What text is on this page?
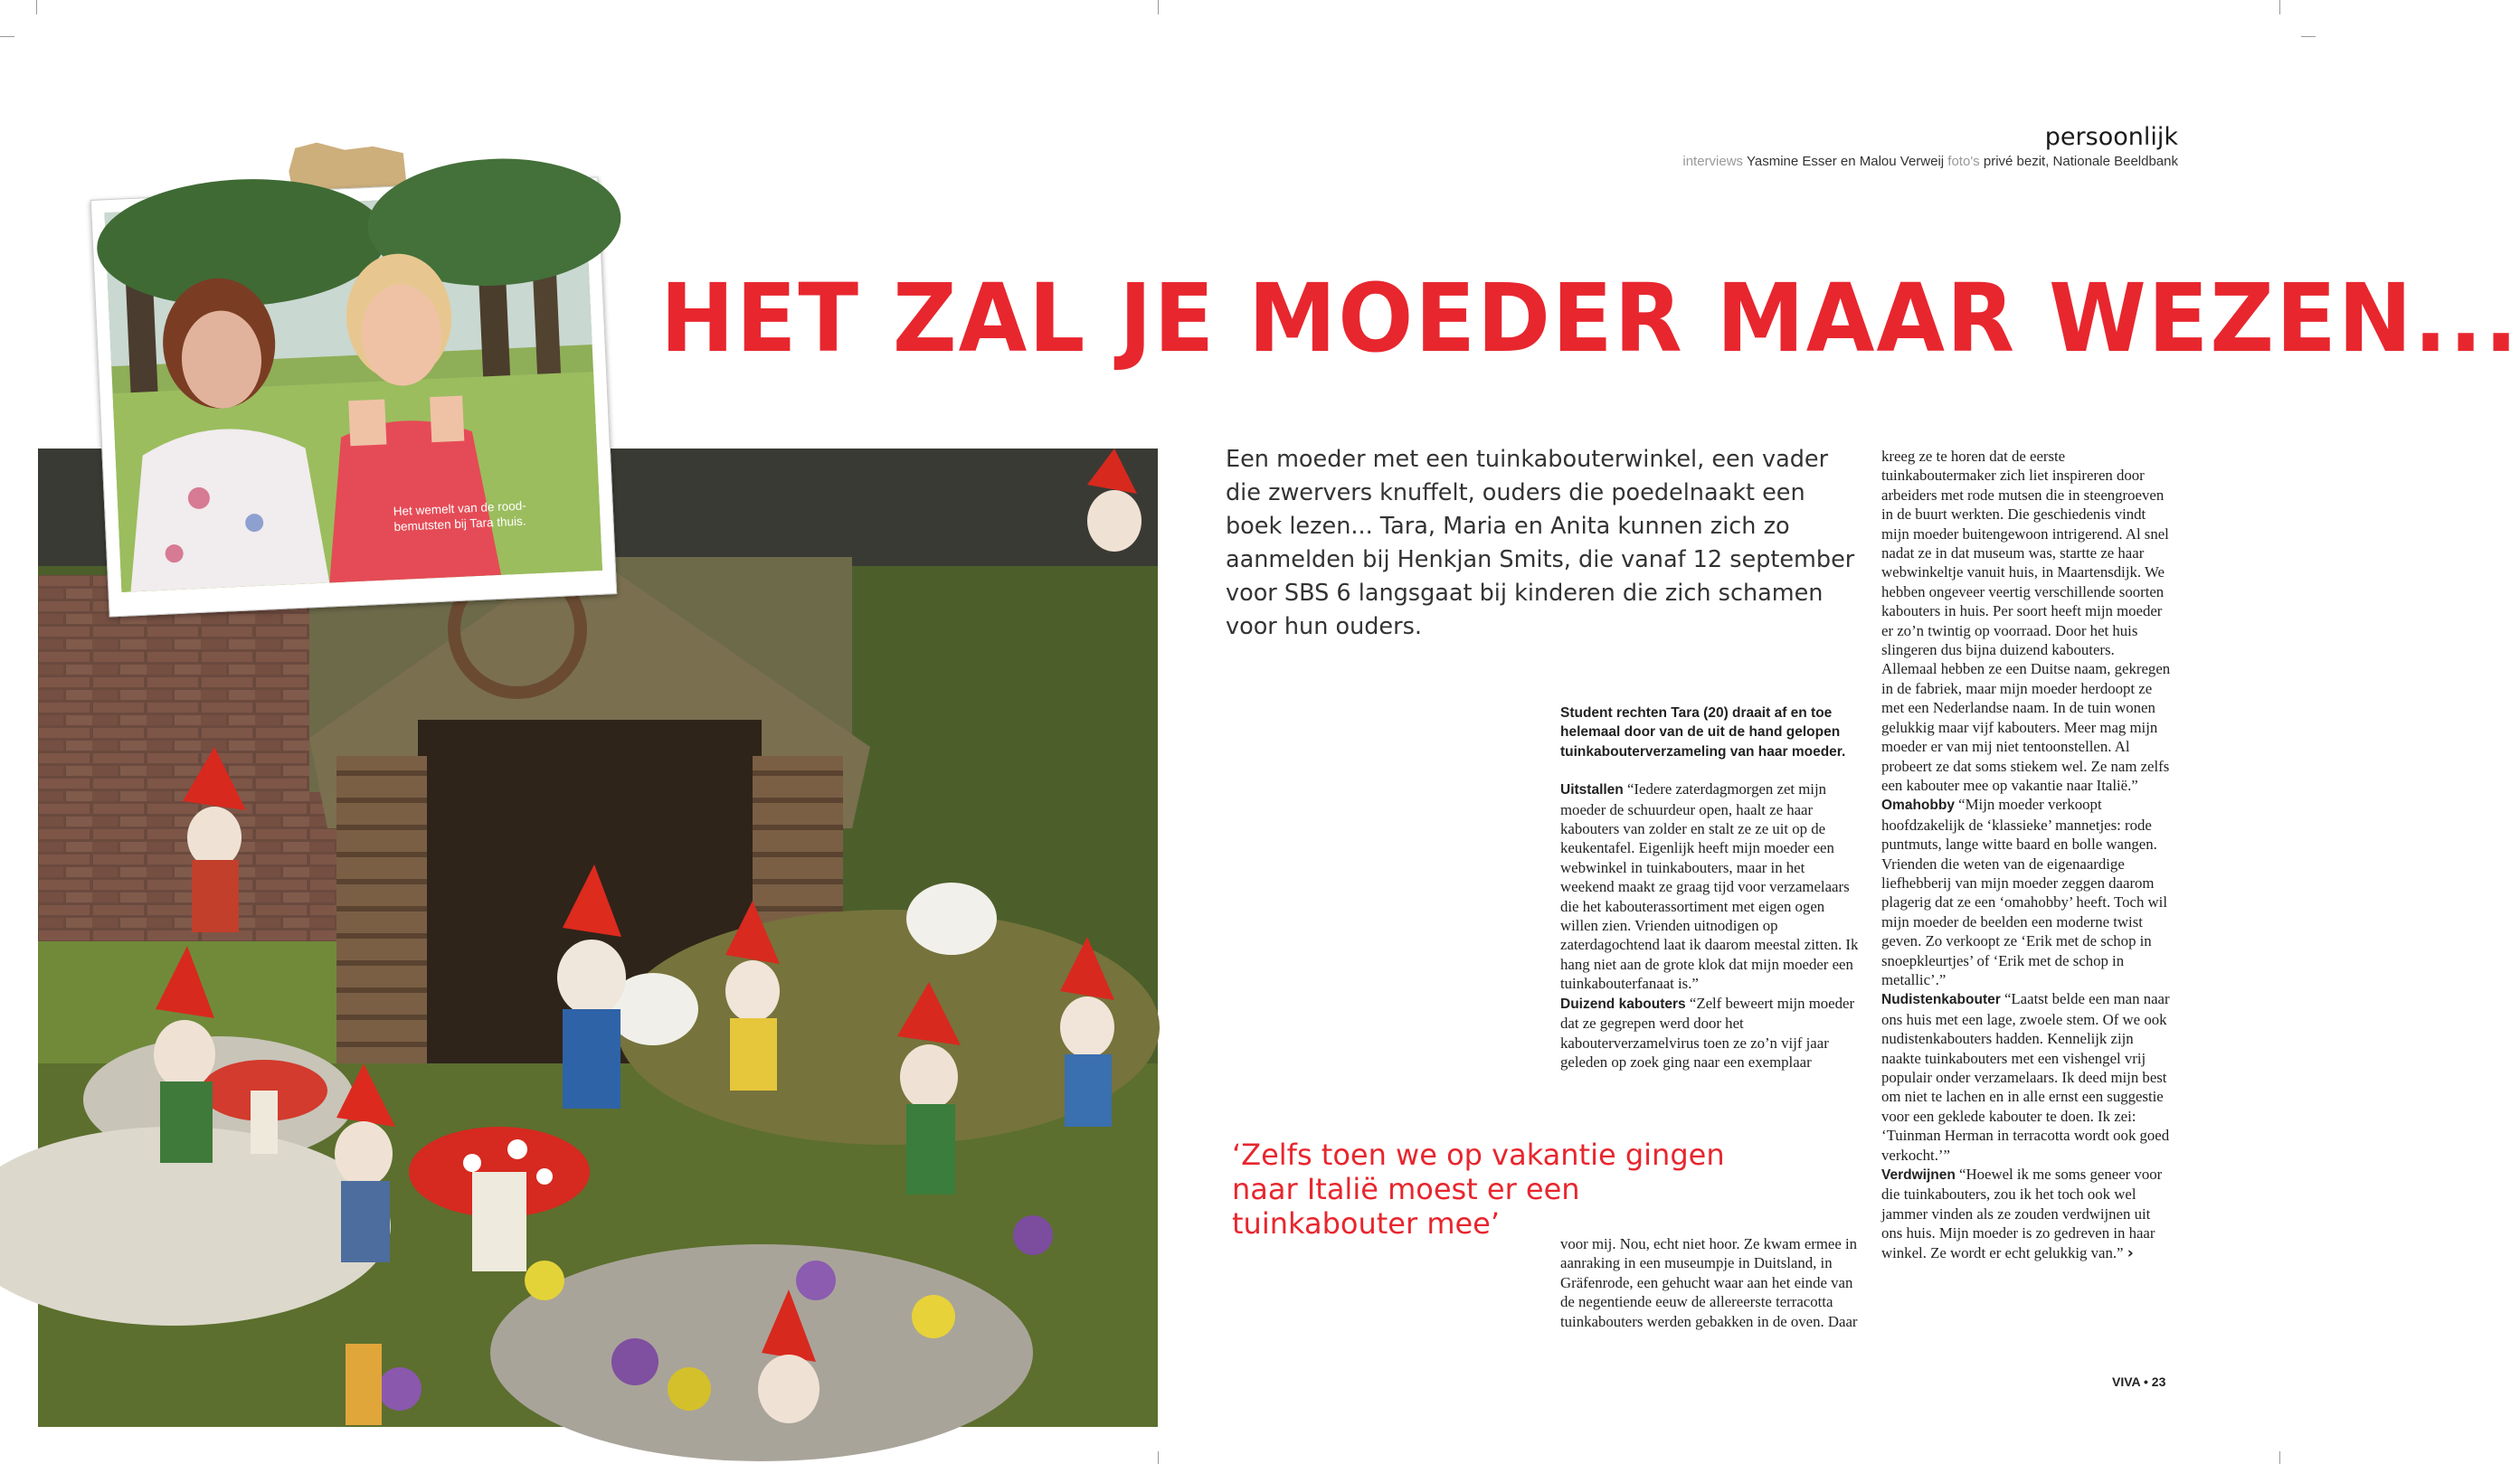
persoonlijk
interviews Yasmine Esser en Malou Verweij foto's privé bezit, Nationale Beeldbank
HET ZAL JE MOEDER MAAR WEZEN...

Een moeder met een tuinkabouterwinkel, een vader die zwervers knuffelt, ouders die poedelnaakt een boek lezen... Tara, Maria en Anita kunnen zich zo aanmelden bij Henkjan Smits, die vanaf 12 september voor SBS 6 langsgaat bij kinderen die zich schamen voor hun ouders.

Het wemelt van de rood-bemutsten bij Tara thuis.

Student rechten Tara (20) draait af en toe helemaal door van de uit de hand gelopen tuinkabouterverzameling van haar moeder.

Uitstallen “Iedere zaterdagmorgen zet mijn moeder de schuurdeur open, haalt ze haar kabouters van zolder en stalt ze ze uit op de keukentafel. Eigenlijk heeft mijn moeder een webwinkel in tuinkabouters, maar in het weekend maakt ze graag tijd voor verzamelaars die het kabouterassortiment met eigen ogen willen zien. Vrienden uitnodigen op zaterdagochtend laat ik daarom meestal zitten. Ik hang niet aan de grote klok dat mijn moeder een tuinkabouterfanaat is.”

Duizend kabouters “Zelf beweert mijn moeder dat ze gegrepen werd door het kabouterverzamelvirus toen ze zo’n vijf jaar geleden op zoek ging naar een exemplaar

‘Zelfs toen we op vakantie gingen naar Italië moest er een tuinkabouter mee’

voor mij. Nou, echt niet hoor. Ze kwam ermee in aanraking in een museumpje in Duitsland, in Gräfenrode, een gehucht waar aan het einde van de negentiende eeuw de allereerste terracotta tuinkabouters werden gebakken in de oven. Daar

kreeg ze te horen dat de eerste tuinkaboutermaker zich liet inspireren door arbeiders met rode mutsen die in steengroeven in de buurt werkten. Die geschiedenis vindt mijn moeder buitengewoon intrigerend. Al snel nadat ze in dat museum was, startte ze haar webwinkeltje vanuit huis, in Maartensdijk. We hebben ongeveer veertig verschillende soorten kabouters in huis. Per soort heeft mijn moeder er zo’n twintig op voorraad. Door het huis slingeren dus bijna duizend kabouters. Allemaal hebben ze een Duitse naam, gekregen in de fabriek, maar mijn moeder herdoopt ze met een Nederlandse naam. In de tuin wonen gelukkig maar vijf kabouters. Meer mag mijn moeder er van mij niet tentoonstellen. Al probeert ze dat soms stiekem wel. Ze nam zelfs een kabouter mee op vakantie naar Italië.”

Omahobby “Mijn moeder verkoopt hoofdzakelijk de ‘klassieke’ mannetjes: rode puntmuts, lange witte baard en bolle wangen. Vrienden die weten van de eigenaardige liefhebberij van mijn moeder zeggen daarom plagerig dat ze een ‘omahobby’ heeft. Toch wil mijn moeder de beelden een moderne twist geven. Zo verkoopt ze ‘Erik met de schop in snoepkleurtjes’ of ‘Erik met de schop in metallic’.”

Nudistenkabouter “Laatst belde een man naar ons huis met een lage, zwoele stem. Of we ook nudistenkabouters hadden. Kennelijk zijn naakte tuinkabouters met een vishengel vrij populair onder verzamelaars. Ik deed mijn best om niet te lachen en in alle ernst een suggestie voor een geklede kabouter te doen. Ik zei: ‘Tuinman Herman in terracotta wordt ook goed verkocht.’”

Verdwijnen “Hoewel ik me soms geneer voor die tuinkabouters, zou ik het toch ook wel jammer vinden als ze zouden verdwijnen uit ons huis. Mijn moeder is zo gedreven in haar winkel. Ze wordt er echt gelukkig van.” ›

VIVA • 23
